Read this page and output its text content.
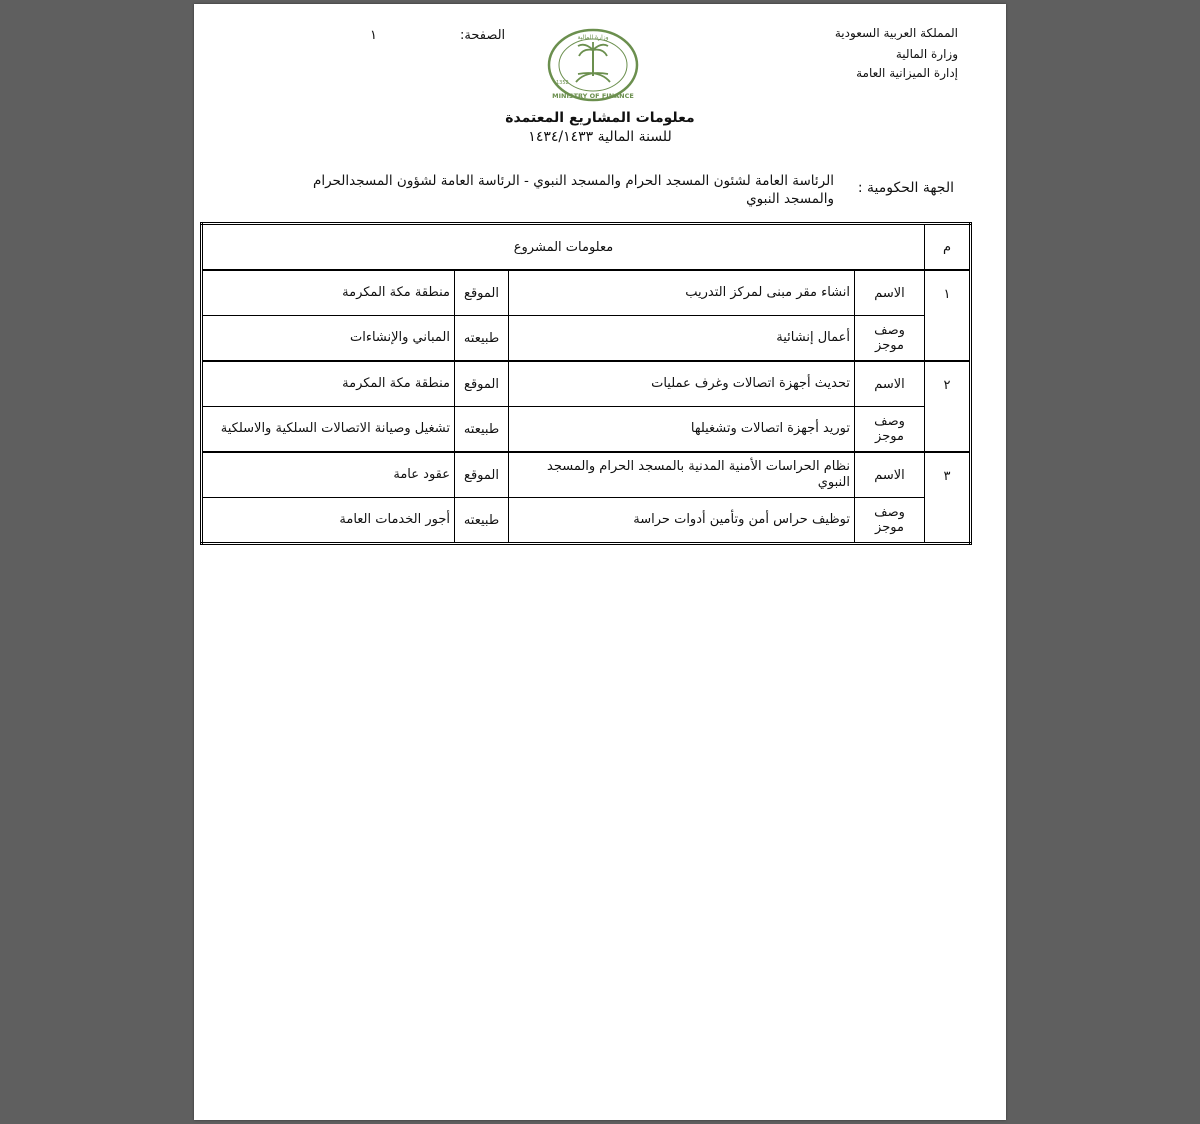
المملكة العربية السعودية
وزارة المالية
إدارة الميزانية العامة
الصفحة:
١
MINISTRY OF FINANCE
وزارة المالية
1352
معلومات المشاريع المعتمدة
للسنة المالية ١٤٣٤/١٤٣٣
الجهة الحكومية :
الرئاسة العامة لشئون المسجد الحرام والمسجد النبوي - الرئاسة العامة لشؤون المسجدالحرام والمسجد النبوي
م	معلومات المشروع			
١	الاسم	انشاء مقر مبنى لمركز التدريب	الموقع	منطقة مكة المكرمة
	وصف موجز	أعمال إنشائية	طبيعته	المباني والإنشاءات
٢	الاسم	تحديث أجهزة اتصالات وغرف عمليات	الموقع	منطقة مكة المكرمة
	وصف موجز	توريد أجهزة اتصالات وتشغيلها	طبيعته	تشغيل وصيانة الاتصالات السلكية والاسلكية
٣	الاسم	نظام الحراسات الأمنية المدنية بالمسجد الحرام والمسجد النبوي	الموقع	عقود عامة
	وصف موجز	توظيف حراس أمن وتأمين أدوات حراسة	طبيعته	أجور الخدمات العامة
